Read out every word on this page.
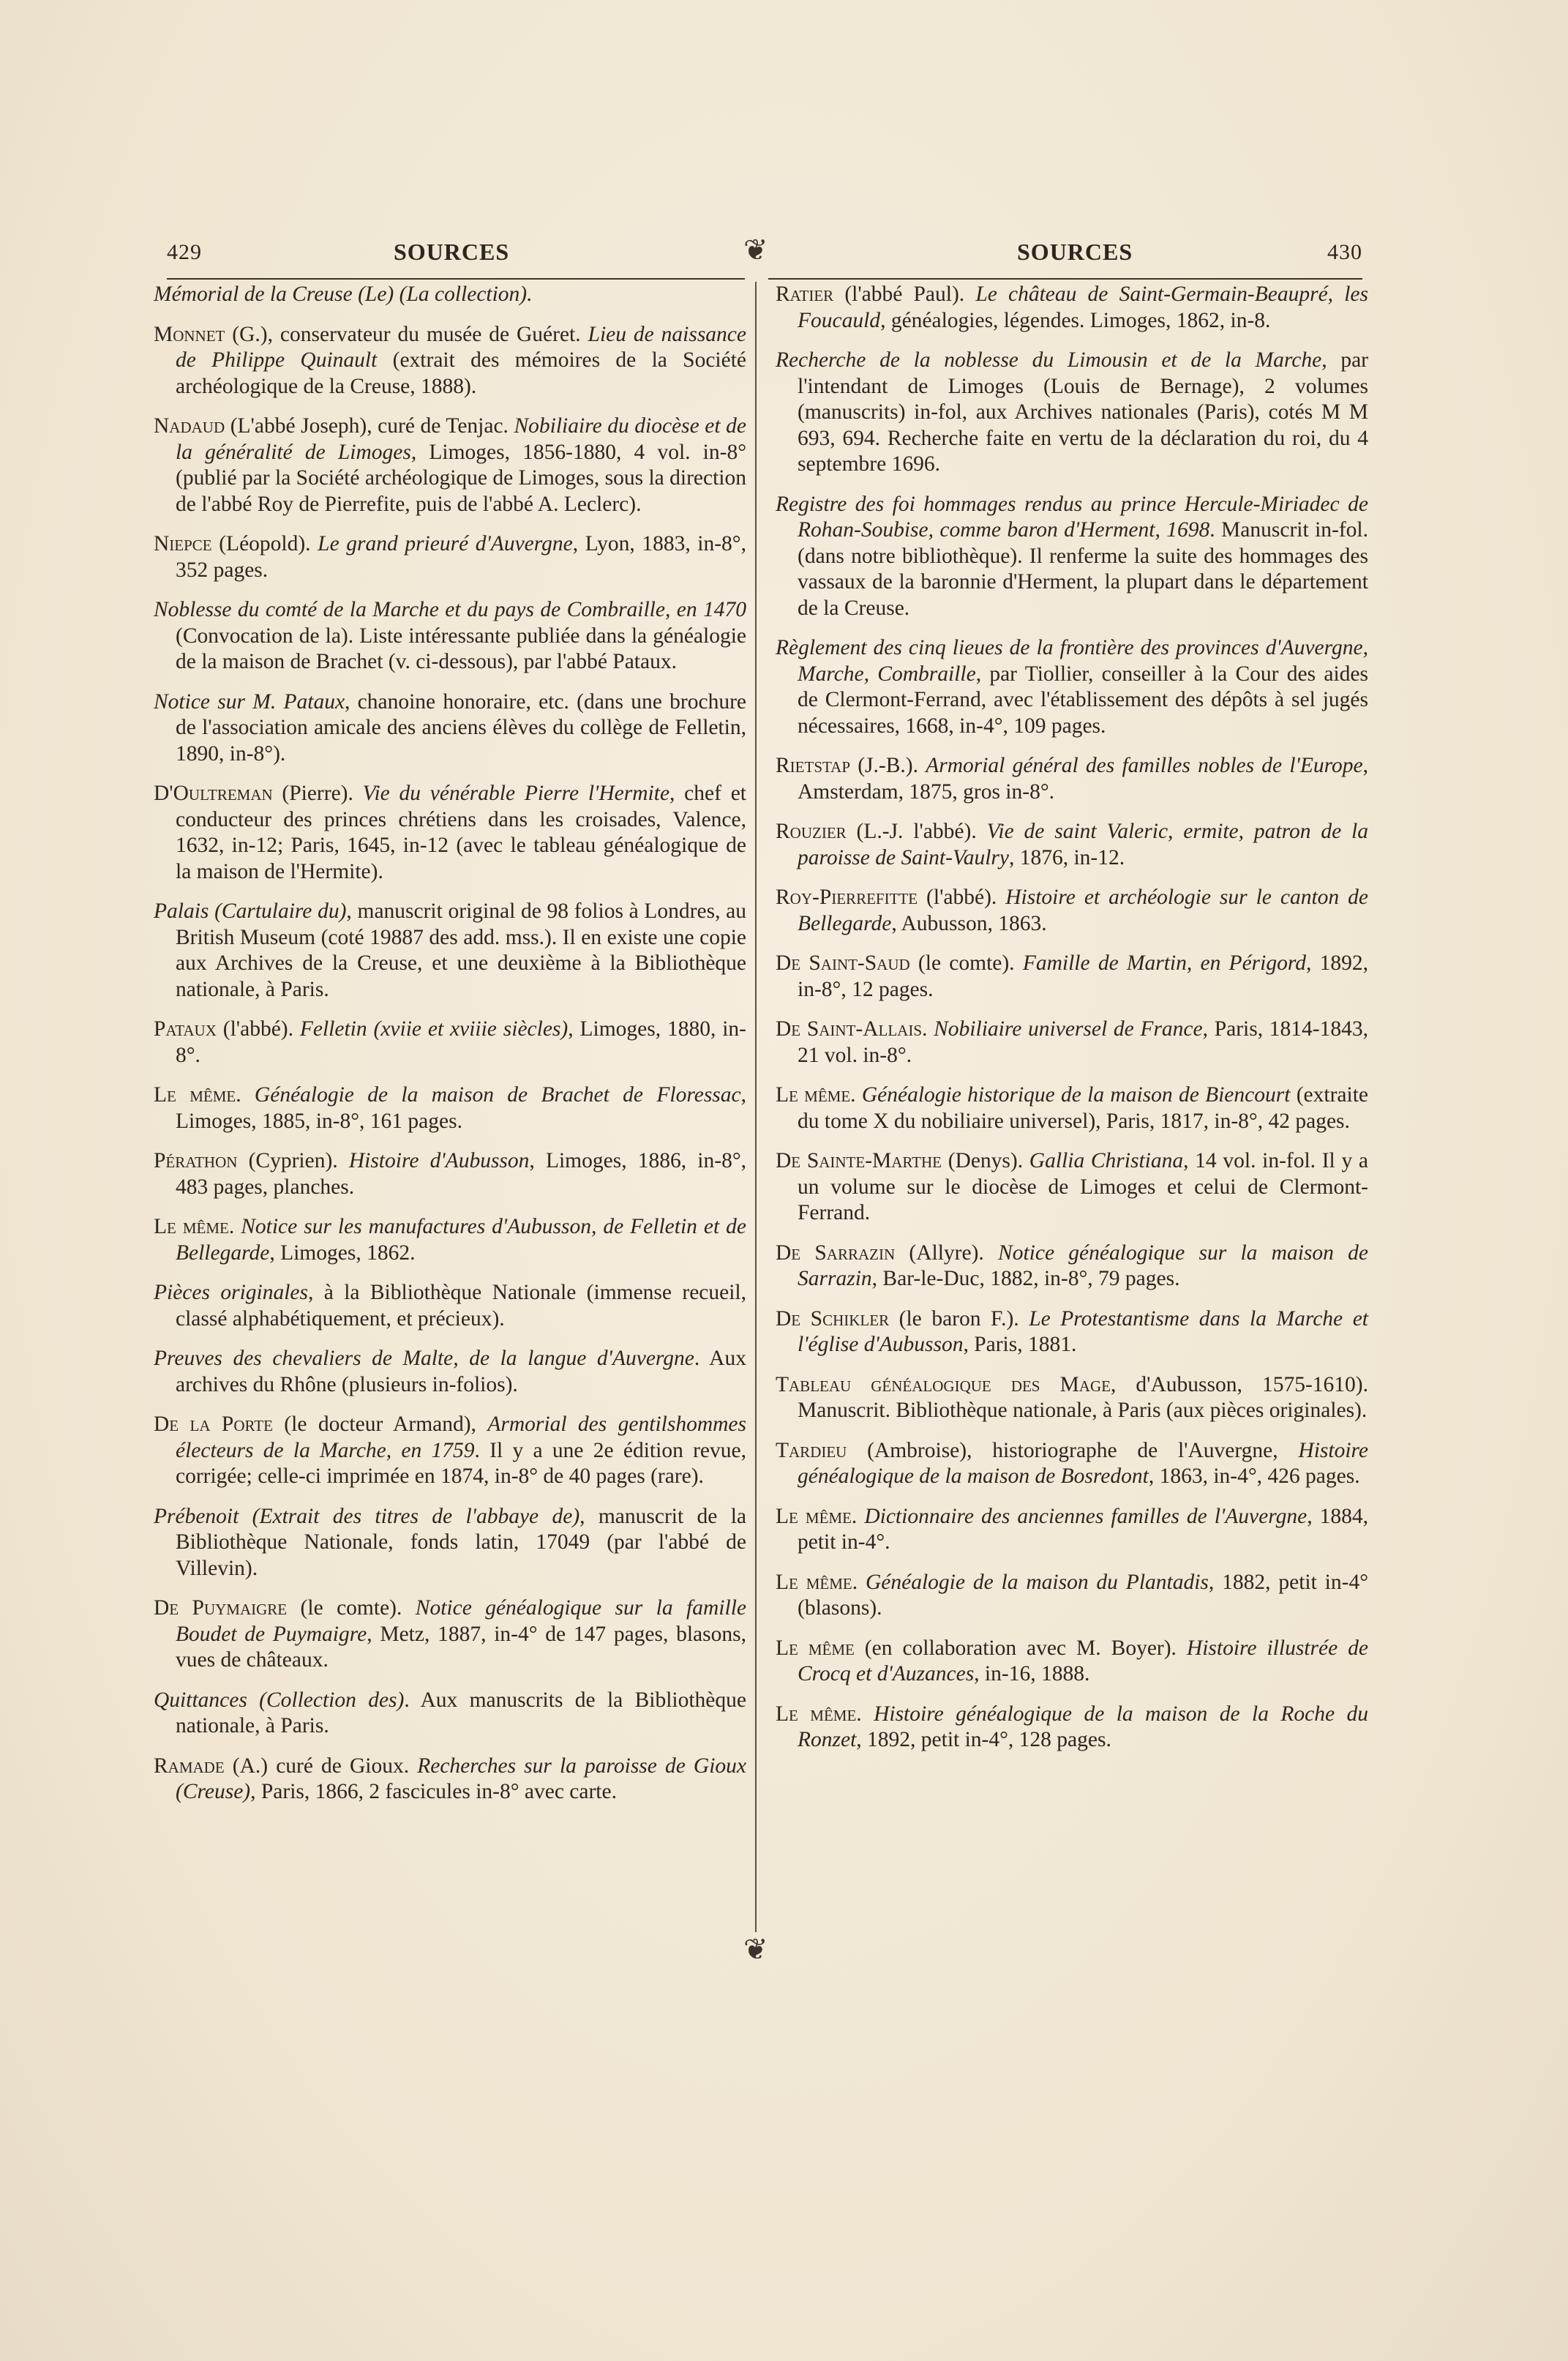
429	SOURCES	SOURCES	430
❦
❦

Mémorial de la Creuse (Le) (La collection).

Monnet (G.), conservateur du musée de Guéret. Lieu de naissance de Philippe Quinault (extrait des mémoires de la Société archéologique de la Creuse, 1888).

Nadaud (L'abbé Joseph), curé de Tenjac. Nobiliaire du diocèse et de la généralité de Limoges, Limoges, 1856-1880, 4 vol. in-8° (publié par la Société archéologique de Limoges, sous la direction de l'abbé Roy de Pierrefite, puis de l'abbé A. Leclerc).

Niepce (Léopold). Le grand prieuré d'Auvergne, Lyon, 1883, in-8°, 352 pages.

Noblesse du comté de la Marche et du pays de Combraille, en 1470 (Convocation de la). Liste intéressante publiée dans la généalogie de la maison de Brachet (v. ci-dessous), par l'abbé Pataux.

Notice sur M. Pataux, chanoine honoraire, etc. (dans une brochure de l'association amicale des anciens élèves du collège de Felletin, 1890, in-8°).

D'Oultreman (Pierre). Vie du vénérable Pierre l'Hermite, chef et conducteur des princes chrétiens dans les croisades, Valence, 1632, in-12; Paris, 1645, in-12 (avec le tableau généalogique de la maison de l'Hermite).

Palais (Cartulaire du), manuscrit original de 98 folios à Londres, au British Museum (coté 19887 des add. mss.). Il en existe une copie aux Archives de la Creuse, et une deuxième à la Bibliothèque nationale, à Paris.

Pataux (l'abbé). Felletin (xviie et xviiie siècles), Limoges, 1880, in-8°.

Le même. Généalogie de la maison de Brachet de Floressac, Limoges, 1885, in-8°, 161 pages.

Pérathon (Cyprien). Histoire d'Aubusson, Limoges, 1886, in-8°, 483 pages, planches.

Le même. Notice sur les manufactures d'Aubusson, de Felletin et de Bellegarde, Limoges, 1862.

Pièces originales, à la Bibliothèque Nationale (immense recueil, classé alphabétiquement, et précieux).

Preuves des chevaliers de Malte, de la langue d'Auvergne. Aux archives du Rhône (plusieurs in-folios).

De la Porte (le docteur Armand), Armorial des gentilshommes électeurs de la Marche, en 1759. Il y a une 2e édition revue, corrigée; celle-ci imprimée en 1874, in-8° de 40 pages (rare).

Prébenoit (Extrait des titres de l'abbaye de), manuscrit de la Bibliothèque Nationale, fonds latin, 17049 (par l'abbé de Villevin).

De Puymaigre (le comte). Notice généalogique sur la famille Boudet de Puymaigre, Metz, 1887, in-4° de 147 pages, blasons, vues de châteaux.

Quittances (Collection des). Aux manuscrits de la Bibliothèque nationale, à Paris.

Ramade (A.) curé de Gioux. Recherches sur la paroisse de Gioux (Creuse), Paris, 1866, 2 fascicules in-8° avec carte.

Ratier (l'abbé Paul). Le château de Saint-Germain-Beaupré, les Foucauld, généalogies, légendes. Limoges, 1862, in-8.

Recherche de la noblesse du Limousin et de la Marche, par l'intendant de Limoges (Louis de Bernage), 2 volumes (manuscrits) in-fol, aux Archives nationales (Paris), cotés M M 693, 694. Recherche faite en vertu de la déclaration du roi, du 4 septembre 1696.

Registre des foi hommages rendus au prince Hercule-Miriadec de Rohan-Soubise, comme baron d'Herment, 1698. Manuscrit in-fol. (dans notre bibliothèque). Il renferme la suite des hommages des vassaux de la baronnie d'Herment, la plupart dans le département de la Creuse.

Règlement des cinq lieues de la frontière des provinces d'Auvergne, Marche, Combraille, par Tiollier, conseiller à la Cour des aides de Clermont-Ferrand, avec l'établissement des dépôts à sel jugés nécessaires, 1668, in-4°, 109 pages.

Rietstap (J.-B.). Armorial général des familles nobles de l'Europe, Amsterdam, 1875, gros in-8°.

Rouzier (L.-J. l'abbé). Vie de saint Valeric, ermite, patron de la paroisse de Saint-Vaulry, 1876, in-12.

Roy-Pierrefitte (l'abbé). Histoire et archéologie sur le canton de Bellegarde, Aubusson, 1863.

De Saint-Saud (le comte). Famille de Martin, en Périgord, 1892, in-8°, 12 pages.

De Saint-Allais. Nobiliaire universel de France, Paris, 1814-1843, 21 vol. in-8°.

Le même. Généalogie historique de la maison de Biencourt (extraite du tome X du nobiliaire universel), Paris, 1817, in-8°, 42 pages.

De Sainte-Marthe (Denys). Gallia Christiana, 14 vol. in-fol. Il y a un volume sur le diocèse de Limoges et celui de Clermont-Ferrand.

De Sarrazin (Allyre). Notice généalogique sur la maison de Sarrazin, Bar-le-Duc, 1882, in-8°, 79 pages.

De Schikler (le baron F.). Le Protestantisme dans la Marche et l'église d'Aubusson, Paris, 1881.

Tableau généalogique des Mage, d'Aubusson, 1575-1610). Manuscrit. Bibliothèque nationale, à Paris (aux pièces originales).

Tardieu (Ambroise), historiographe de l'Auvergne, Histoire généalogique de la maison de Bosredont, 1863, in-4°, 426 pages.

Le même. Dictionnaire des anciennes familles de l'Auvergne, 1884, petit in-4°.

Le même. Généalogie de la maison du Plantadis, 1882, petit in-4° (blasons).

Le même (en collaboration avec M. Boyer). Histoire illustrée de Crocq et d'Auzances, in-16, 1888.

Le même. Histoire généalogique de la maison de la Roche du Ronzet, 1892, petit in-4°, 128 pages.
